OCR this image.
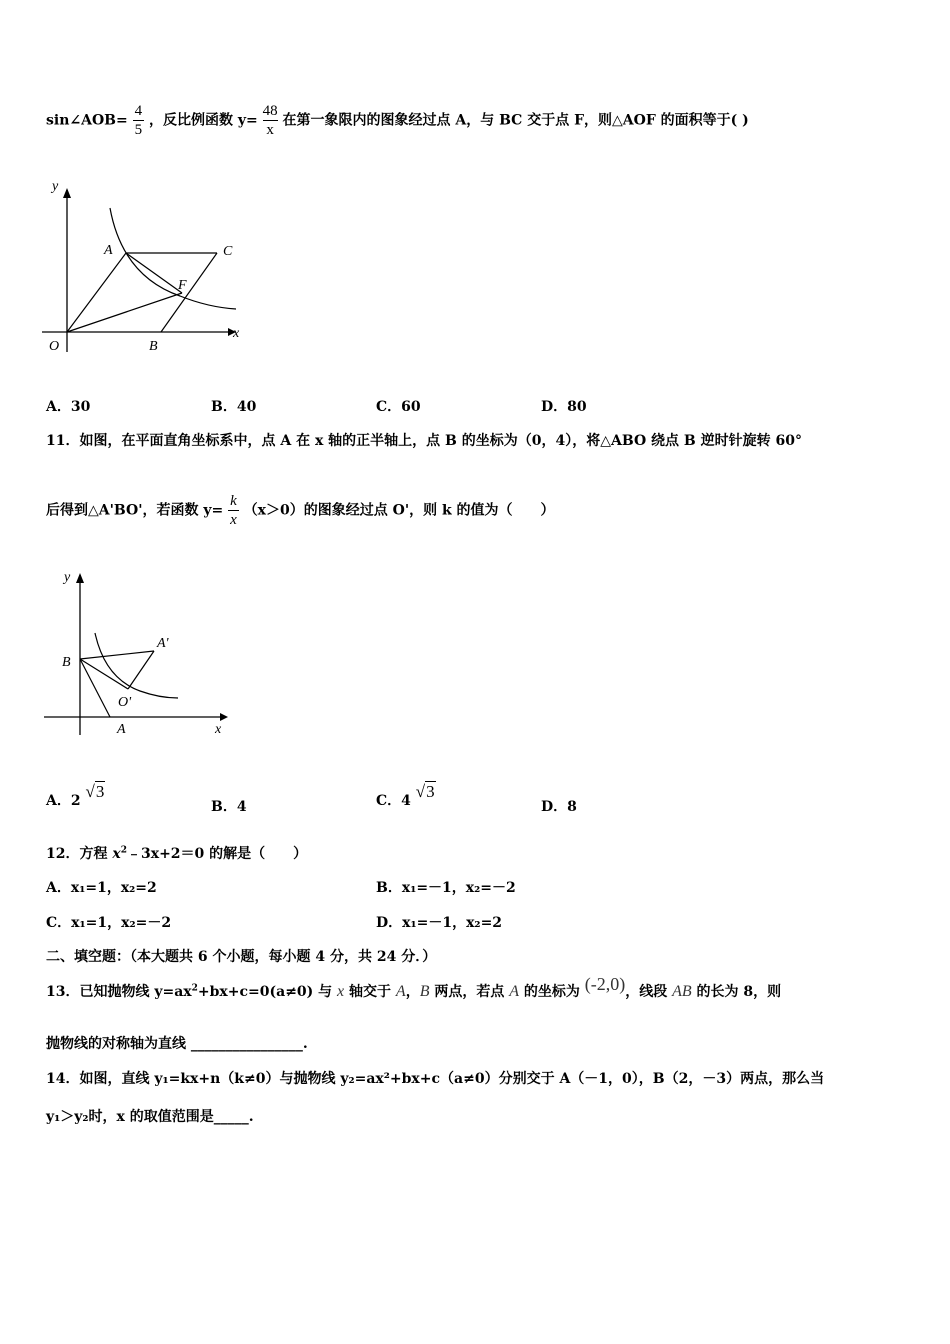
sin∠AOB= $\frac{4}{5}$ ，反比例函数 $y= \frac{48}{x}$ 在第一象限内的图象经过点 A，与 BC 交于点 F，则△AOF 的面积等于( )
y
x
O
A
B
C
F
A．30	B．40	C．60	D．80
11．如图，在平面直角坐标系中，点 A 在 x 轴的正半轴上，点 B 的坐标为（0，4），将△ABO 绕点 B 逆时针旋转 60°
后得到△A'BO'，若函数 $y= \frac{k}{x} (x>0)$的图象经过点 O'，则 k 的值为（　　）
y
x
B
A
A'
O'
A．2 √3
B．4	C．4 √3
D．8
12．方程 $x^2﹣3x+2=0$ 的解是（　　）
A．x₁=1，x₂=2	B．x₁=－1，x₂=－2
C．x₁=1，x₂=－2	D．x₁=－1，x₂=2
二、填空题：（本大题共 6 个小题，每小题 4 分，共 24 分．）
13．已知抛物线 $y=ax^2+bx+c=0(a\ne 0)$ 与 x 轴交于 A，B 两点，若点 A 的坐标为 (-2,0)，线段 AB 的长为 8，则
抛物线的对称轴为直线 ________________.
14．如图，直线 y₁=kx+n（k≠0）与抛物线 y₂=ax²+bx+c（a≠0）分别交于 A（－1，0），B（2，－3）两点，那么当
y₁＞y₂时，x 的取值范围是_____.
